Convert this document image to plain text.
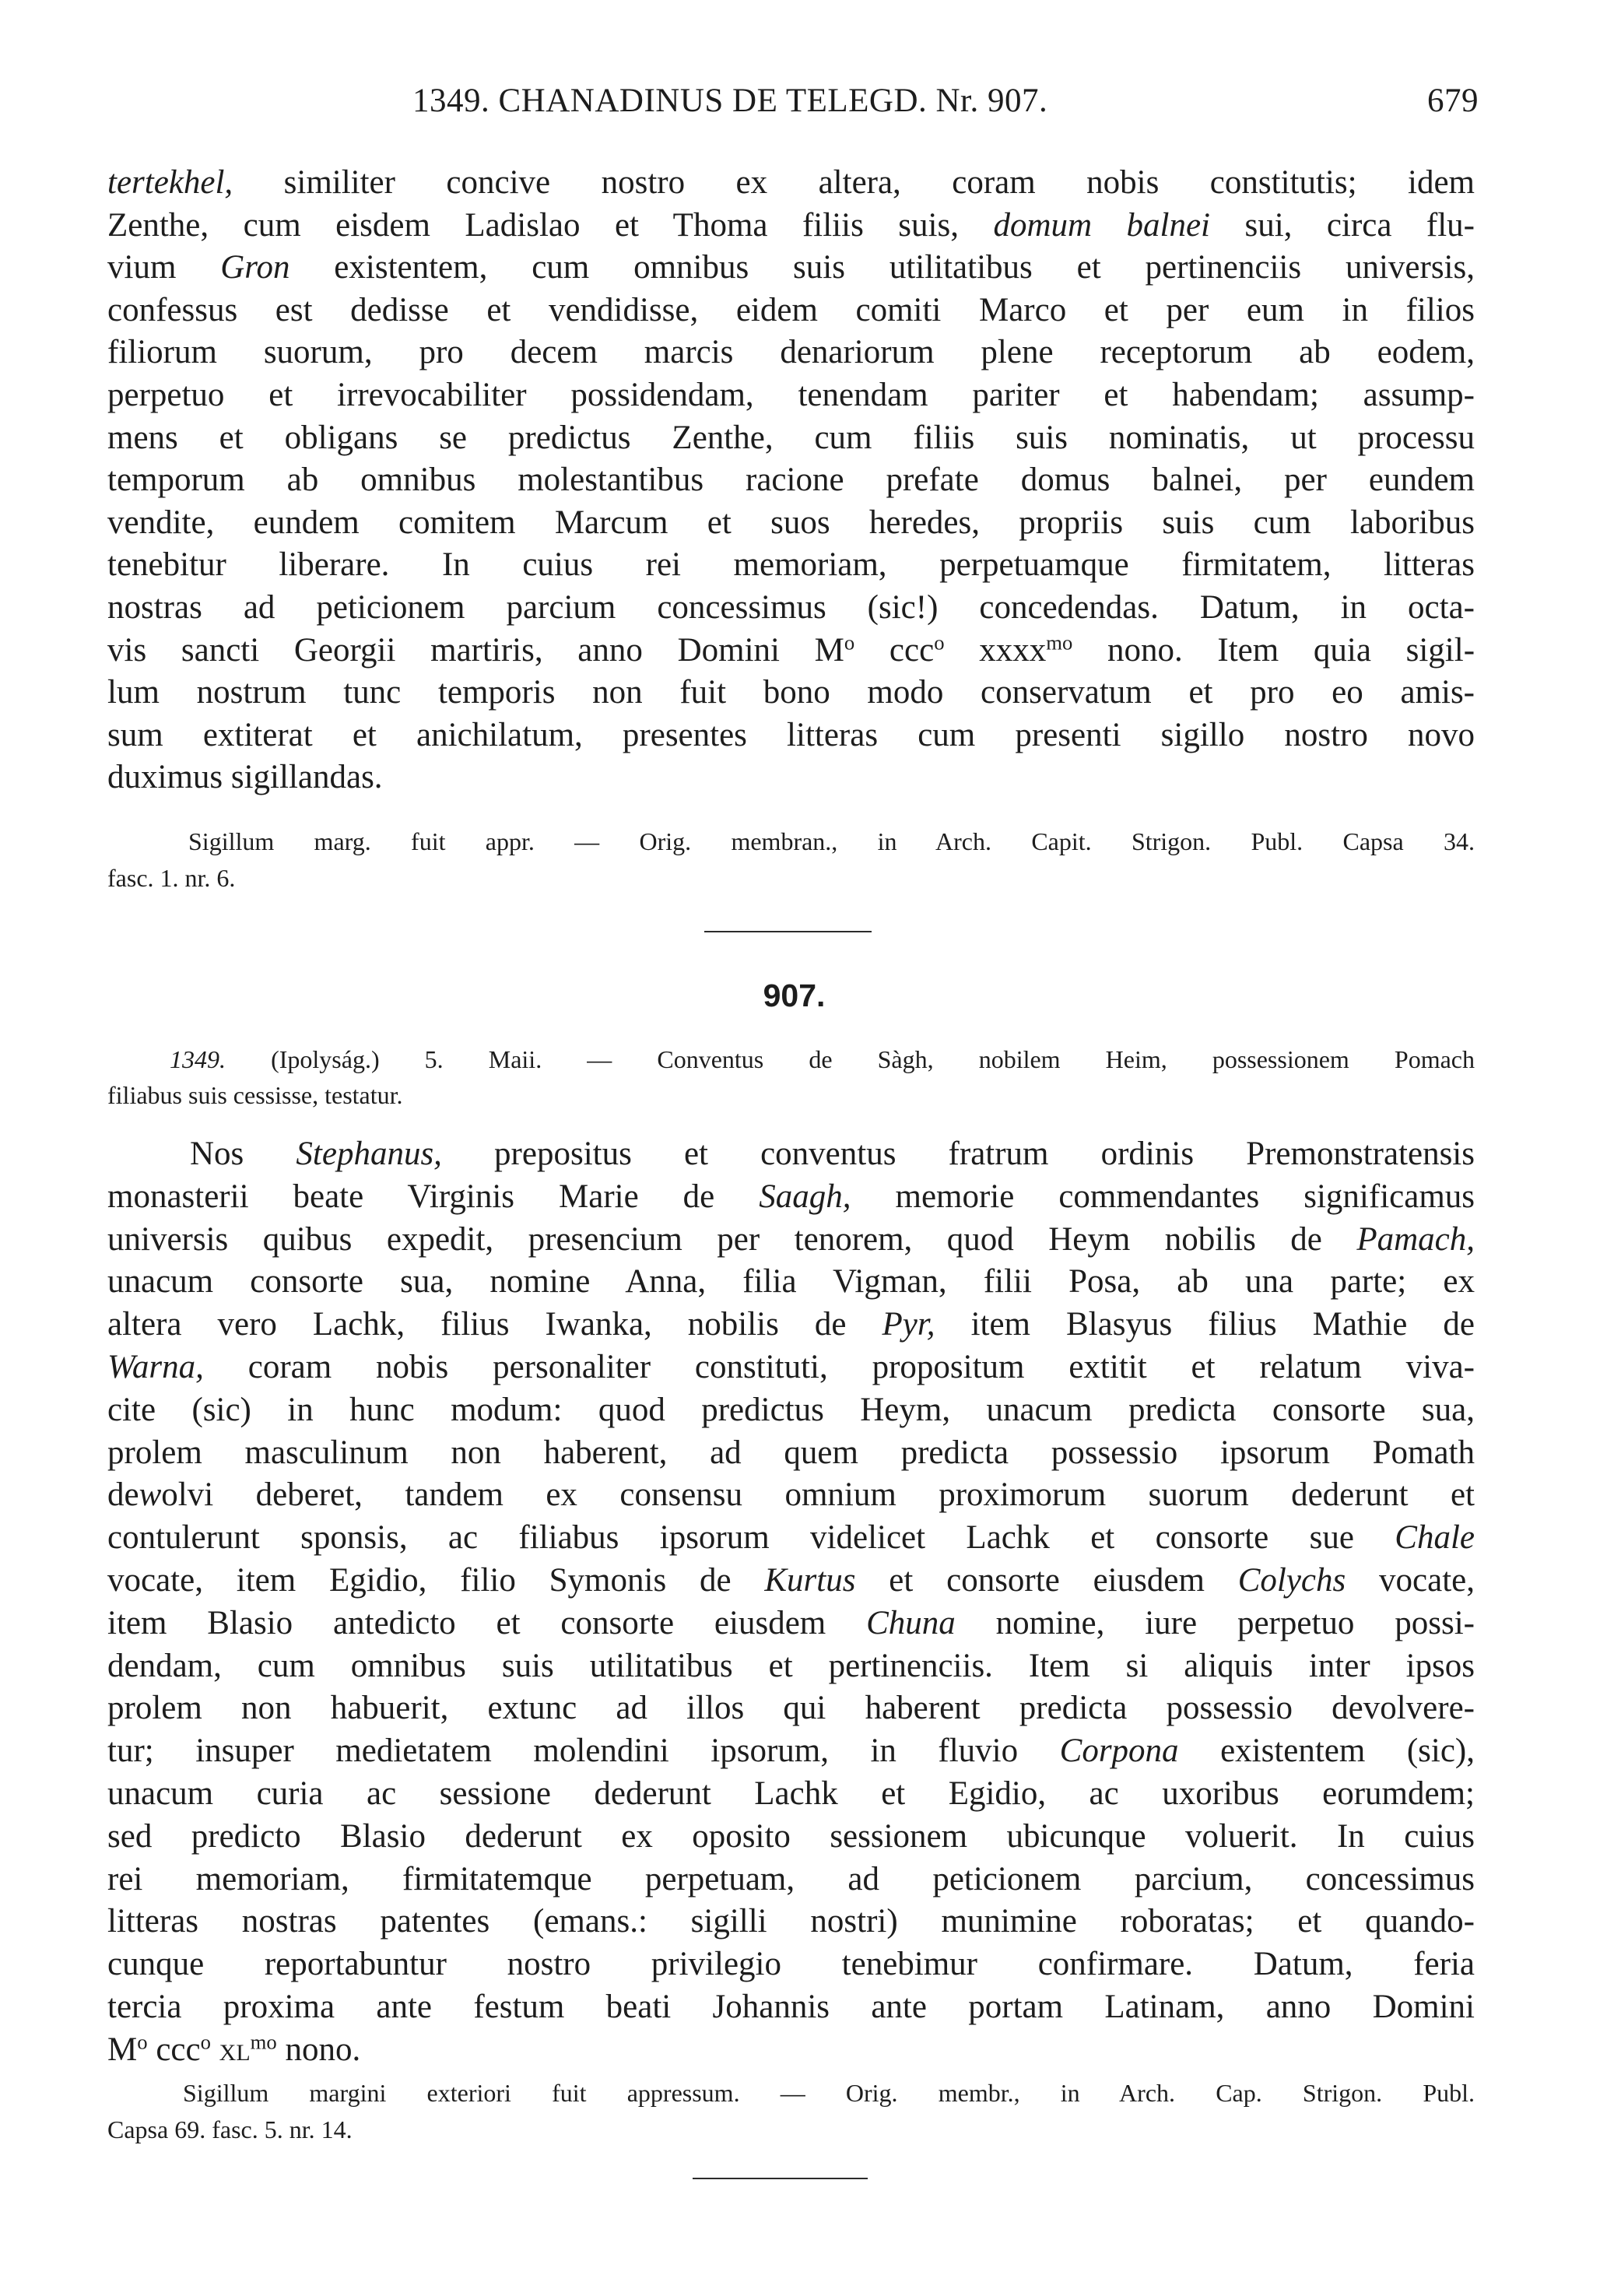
1349. CHANADINUS DE TELEGD. Nr. 907.	679
tertekhel, similiter concive nostro ex altera, coram nobis constitutis; idem
Zenthe, cum eisdem Ladislao et Thoma filiis suis, domum balnei sui, circa flu-
vium Gron existentem, cum omnibus suis utilitatibus et pertinenciis universis,
confessus est dedisse et vendidisse, eidem comiti Marco et per eum in filios
filiorum suorum, pro decem marcis denariorum plene receptorum ab eodem,
perpetuo et irrevocabiliter possidendam, tenendam pariter et habendam; assump-
mens et obligans se predictus Zenthe, cum filiis suis nominatis, ut processu
temporum ab omnibus molestantibus racione prefate domus balnei, per eundem
vendite, eundem comitem Marcum et suos heredes, propriis suis cum laboribus
tenebitur liberare. In cuius rei memoriam, perpetuamque firmitatem, litteras
nostras ad peticionem parcium concessimus (sic!) concedendas. Datum, in octa-
vis sancti Georgii martiris, anno Domini $M^o$ ccc$^o$ xxxx$^{mo}$ nono. Item quia sigil-
lum nostrum tunc temporis non fuit bono modo conservatum et pro eo amis-
sum extiterat et anichilatum, presentes litteras cum presenti sigillo nostro novo
duximus sigillandas.
Sigillum marg. fuit appr. — Orig. membran., in Arch. Capit. Strigon. Publ. Capsa 34.
fasc. 1. nr. 6.
907.
1349. (Ipolyság.) 5. Maii. — Conventus de Sàgh, nobilem Heim, possessionem Pomach
filiabus suis cessisse, testatur.
Nos Stephanus, prepositus et conventus fratrum ordinis Premonstratensis
monasterii beate Virginis Marie de Saagh, memorie commendantes significamus
universis quibus expedit, presencium per tenorem, quod Heym nobilis de Pamach,
unacum consorte sua, nomine Anna, filia Vigman, filii Posa, ab una parte; ex
altera vero Lachk, filius Iwanka, nobilis de Pyr, item Blasyus filius Mathie de
Warna, coram nobis personaliter constituti, propositum extitit et relatum viva-
cite (sic) in hunc modum: quod predictus Heym, unacum predicta consorte sua,
prolem masculinum non haberent, ad quem predicta possessio ipsorum Pomath
dewolvi deberet, tandem ex consensu omnium proximorum suorum dederunt et
contulerunt sponsis, ac filiabus ipsorum videlicet Lachk et consorte sue Chale
vocate, item Egidio, filio Symonis de Kurtus et consorte eiusdem Colychs vocate,
item Blasio antedicto et consorte eiusdem Chuna nomine, iure perpetuo possi-
dendam, cum omnibus suis utilitatibus et pertinenciis. Item si aliquis inter ipsos
prolem non habuerit, extunc ad illos qui haberent predicta possessio devolvere-
tur; insuper medietatem molendini ipsorum, in fluvio Corpona existentem (sic),
unacum curia ac sessione dederunt Lachk et Egidio, ac uxoribus eorumdem;
sed predicto Blasio dederunt ex oposito sessionem ubicunque voluerit. In cuius
rei memoriam, firmitatemque perpetuam, ad peticionem parcium, concessimus
litteras nostras patentes (emans.: sigilli nostri) munimine roboratas; et quando-
cunque reportabuntur nostro privilegio tenebimur confirmare. Datum, feria
tercia proxima ante festum beati Johannis ante portam Latinam, anno Domini
$M^o$ ccc$^o$ $xl^{mo}$ nono.
Sigillum margini exteriori fuit appressum. — Orig. membr., in Arch. Cap. Strigon. Publ.
Capsa 69. fasc. 5. nr. 14.
